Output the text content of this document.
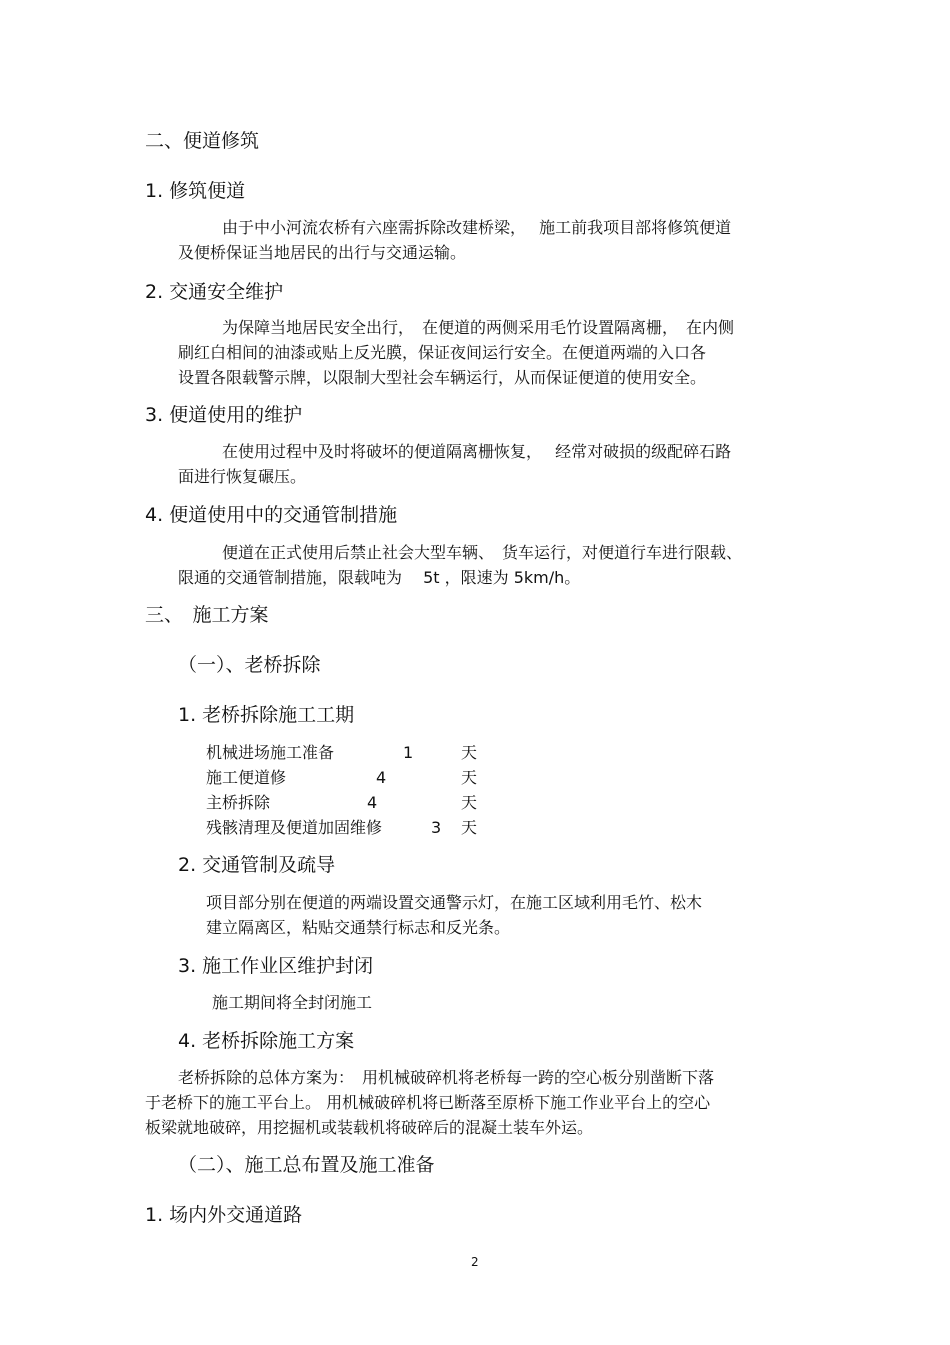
二、便道修筑
1. 修筑便道
由于中小河流农桥有六座需拆除改建桥梁，　 施工前我项目部将修筑便道
及便桥保证当地居民的出行与交通运输。
2. 交通安全维护
为保障当地居民安全出行，　在便道的两侧采用毛竹设置隔离栅，　在内侧
刷红白相间的油漆或贴上反光膜，保证夜间运行安全。在便道两端的入口各
设置各限载警示牌，以限制大型社会车辆运行，从而保证便道的使用安全。
3. 便道使用的维护
在使用过程中及时将破坏的便道隔离栅恢复，　 经常对破损的级配碎石路
面进行恢复碾压。
4. 便道使用中的交通管制措施
便道在正式使用后禁止社会大型车辆、　货车运行，对便道行车进行限载、
限通的交通管制措施，限载吨为　 5t ，限速为 5km/h。
三、　施工方案
（一）、老桥拆除
1. 老桥拆除施工工期
机械进场施工准备	1	天
施工便道修	4	天
主桥拆除	4	天
残骸清理及便道加固维修	3 天
2. 交通管制及疏导
项目部分别在便道的两端设置交通警示灯，在施工区域利用毛竹、松木
建立隔离区，粘贴交通禁行标志和反光条。
3. 施工作业区维护封闭
施工期间将全封闭施工
4. 老桥拆除施工方案
老桥拆除的总体方案为：　用机械破碎机将老桥每一跨的空心板分别凿断下落
于老桥下的施工平台上。 用机械破碎机将已断落至原桥下施工作业平台上的空心
板梁就地破碎，用挖掘机或装载机将破碎后的混凝土装车外运。
（二）、施工总布置及施工准备
1. 场内外交通道路
2
